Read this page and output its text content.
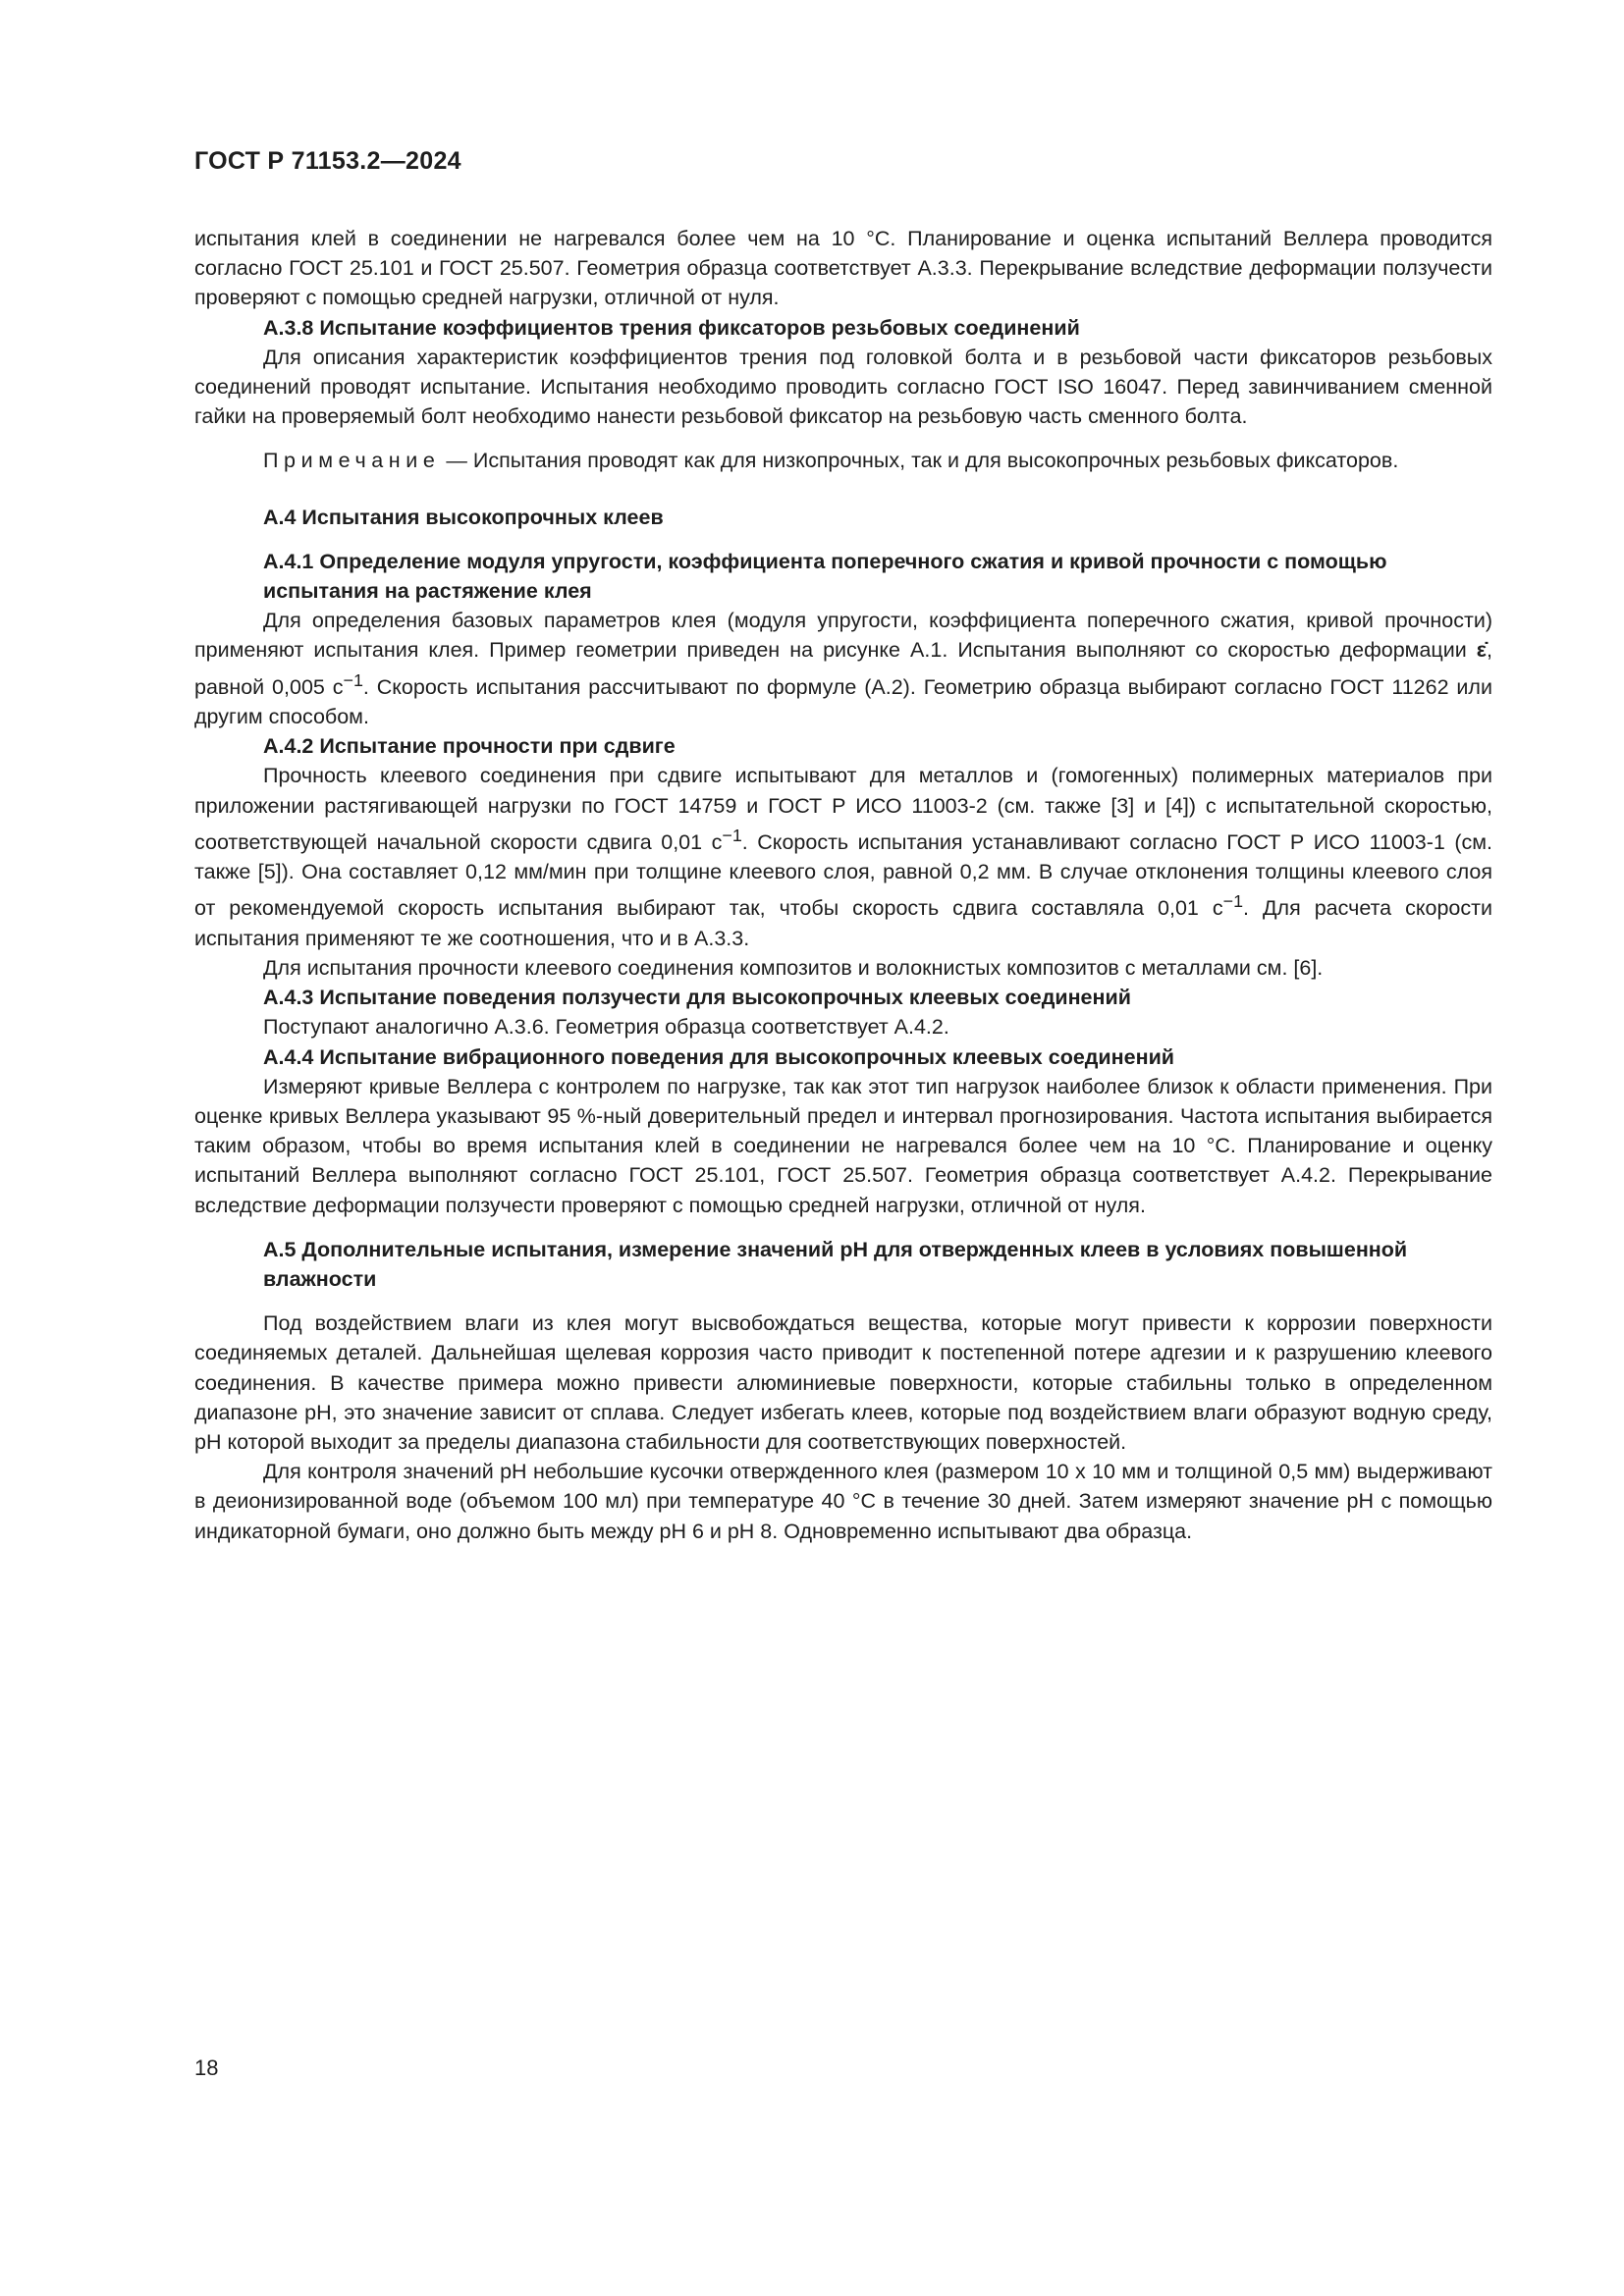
ГОСТ Р 71153.2—2024

испытания клей в соединении не нагревался более чем на 10 °С. Планирование и оценка испытаний Веллера проводится согласно ГОСТ 25.101 и ГОСТ 25.507. Геометрия образца соответствует А.3.3. Перекрывание вследствие деформации ползучести проверяют с помощью средней нагрузки, отличной от нуля.

А.3.8 Испытание коэффициентов трения фиксаторов резьбовых соединений

Для описания характеристик коэффициентов трения под головкой болта и в резьбовой части фиксаторов резьбовых соединений проводят испытание. Испытания необходимо проводить согласно ГОСТ ISO 16047. Перед завинчиванием сменной гайки на проверяемый болт необходимо нанести резьбовой фиксатор на резьбовую часть сменного болта.

Примечание — Испытания проводят как для низкопрочных, так и для высокопрочных резьбовых фиксаторов.

А.4 Испытания высокопрочных клеев

А.4.1 Определение модуля упругости, коэффициента поперечного сжатия и кривой прочности с помощью испытания на растяжение клея

Для определения базовых параметров клея (модуля упругости, коэффициента поперечного сжатия, кривой прочности) применяют испытания клея. Пример геометрии приведен на рисунке А.1. Испытания выполняют со скоростью деформации ε̇, равной 0,005 $с^{-1}$. Скорость испытания рассчитывают по формуле (А.2). Геометрию образца выбирают согласно ГОСТ 11262 или другим способом.

А.4.2 Испытание прочности при сдвиге

Прочность клеевого соединения при сдвиге испытывают для металлов и (гомогенных) полимерных материалов при приложении растягивающей нагрузки по ГОСТ 14759 и ГОСТ Р ИСО 11003-2 (см. также [3] и [4]) с испытательной скоростью, соответствующей начальной скорости сдвига 0,01 $с^{-1}$. Скорость испытания устанавливают согласно ГОСТ Р ИСО 11003-1 (см. также [5]). Она составляет 0,12 мм/мин при толщине клеевого слоя, равной 0,2 мм. В случае отклонения толщины клеевого слоя от рекомендуемой скорость испытания выбирают так, чтобы скорость сдвига составляла 0,01 $с^{-1}$. Для расчета скорости испытания применяют те же соотношения, что и в А.3.3.

Для испытания прочности клеевого соединения композитов и волокнистых композитов с металлами см. [6].

А.4.3 Испытание поведения ползучести для высокопрочных клеевых соединений

Поступают аналогично А.3.6. Геометрия образца соответствует А.4.2.

А.4.4 Испытание вибрационного поведения для высокопрочных клеевых соединений

Измеряют кривые Веллера с контролем по нагрузке, так как этот тип нагрузок наиболее близок к области применения. При оценке кривых Веллера указывают 95 %-ный доверительный предел и интервал прогнозирования. Частота испытания выбирается таким образом, чтобы во время испытания клей в соединении не нагревался более чем на 10 °С. Планирование и оценку испытаний Веллера выполняют согласно ГОСТ 25.101, ГОСТ 25.507. Геометрия образца соответствует А.4.2. Перекрывание вследствие деформации ползучести проверяют с помощью средней нагрузки, отличной от нуля.

А.5 Дополнительные испытания, измерение значений pH для отвержденных клеев в условиях повышенной влажности

Под воздействием влаги из клея могут высвобождаться вещества, которые могут привести к коррозии поверхности соединяемых деталей. Дальнейшая щелевая коррозия часто приводит к постепенной потере адгезии и к разрушению клеевого соединения. В качестве примера можно привести алюминиевые поверхности, которые стабильны только в определенном диапазоне pH, это значение зависит от сплава. Следует избегать клеев, которые под воздействием влаги образуют водную среду, pH которой выходит за пределы диапазона стабильности для соответствующих поверхностей.

Для контроля значений pH небольшие кусочки отвержденного клея (размером 10 x 10 мм и толщиной 0,5 мм) выдерживают в деионизированной воде (объемом 100 мл) при температуре 40 °С в течение 30 дней. Затем измеряют значение pH с помощью индикаторной бумаги, оно должно быть между pH 6 и pH 8. Одновременно испытывают два образца.

18
